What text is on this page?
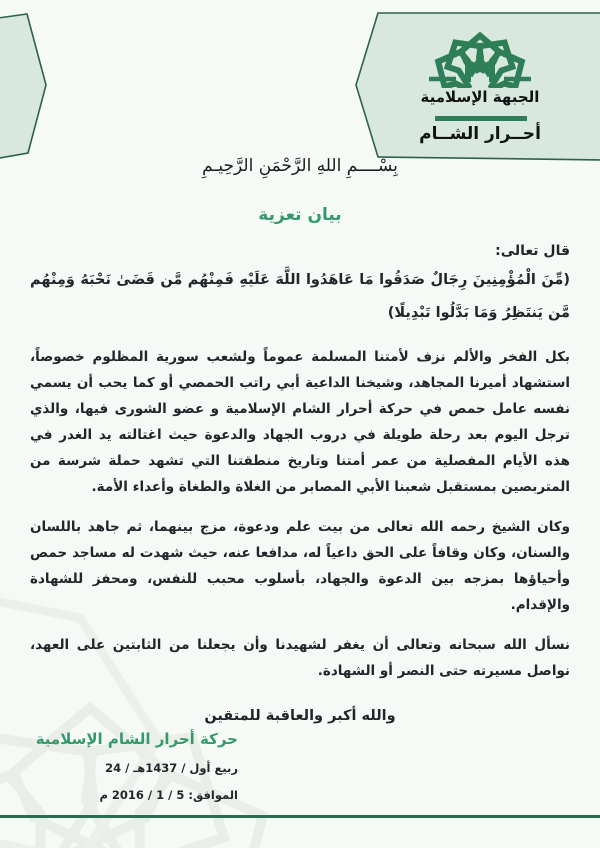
الجبهة الإسلامية
أحــرار الشــام
بِسْــــمِ اللهِ الرَّحْمَنِ الرَّحِيـمِ
بيان تعزية
قال تعالى:
(مِّنَ الْمُؤْمِنِينَ رِجَالٌ صَدَقُوا مَا عَاهَدُوا اللَّهَ عَلَيْهِ فَمِنْهُم مَّن قَضَىٰ نَحْبَهُ وَمِنْهُم مَّن يَنتَظِرُ وَمَا بَدَّلُوا تَبْدِيلًا)
بكل الفخر والألم نزف لأمتنا المسلمة عموماً ولشعب سورية المظلوم خصوصاً، استشهاد أميرنا المجاهد، وشيخنا الداعية أبي راتب الحمصي أو كما يحب أن يسمي نفسه عامل حمص في حركة أحرار الشام الإسلامية و عضو الشورى فيها، والذي ترجل اليوم بعد رحلة طويلة في دروب الجهاد والدعوة حيث اغتالته يد الغدر في هذه الأيام المفصلية من عمر أمتنا وتاريخ منطقتنا التي تشهد حملة شرسة من المتربصين بمستقبل شعبنا الأبي المصابر من الغلاة والطغاة وأعداء الأمة.
وكان الشيخ رحمه الله تعالى من بيت علم ودعوة، مزج بينهما، ثم جاهد باللسان والسنان، وكان وقافاً على الحق داعياً له، مدافعا عنه، حيث شهدت له مساجد حمص وأحياؤها بمزجه بين الدعوة والجهاد، بأسلوب محبب للنفس، ومحفز للشهادة والإقدام.
نسأل الله سبحانه وتعالى أن يغفر لشهيدنا وأن يجعلنا من الثابتين على العهد، نواصل مسيرته حتى النصر أو الشهادة.
والله أكبر والعاقبة للمتقين
حركة أحرار الشام الإسلامية
24 / ربيع أول / 1437هـ
الموافق: 5 / 1 / 2016 م
